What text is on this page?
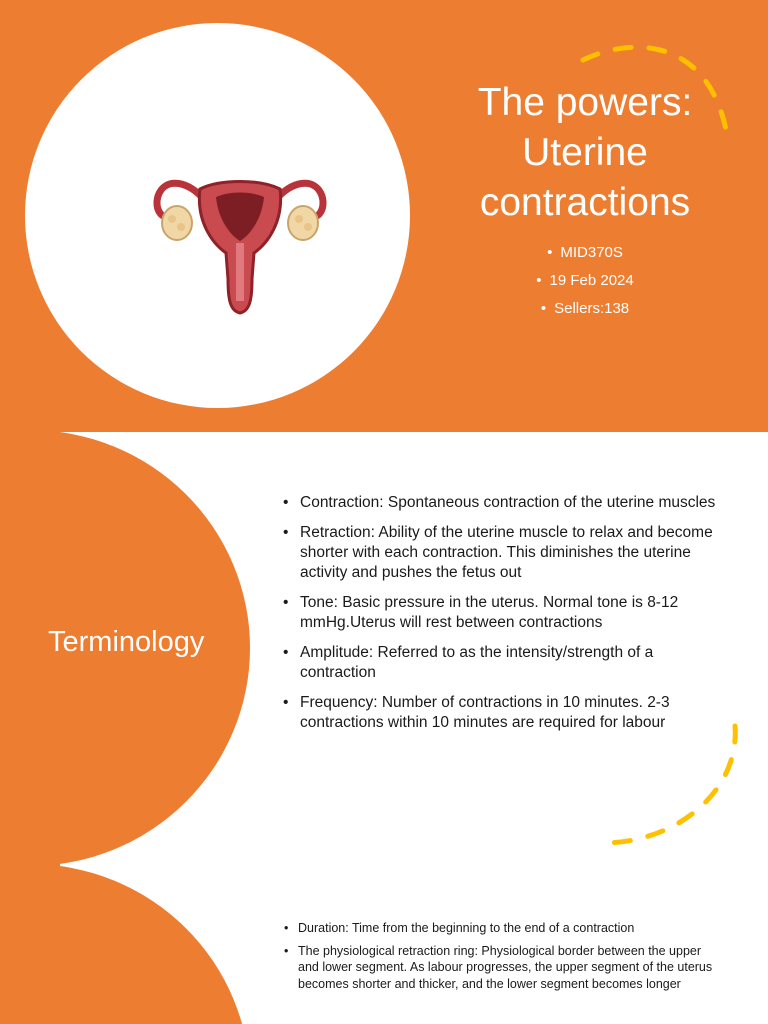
The powers:
Uterine
contractions
• MID370S
• 19 Feb 2024
• Sellers:138
Terminology
• Contraction: Spontaneous contraction of the uterine muscles
• Retraction: Ability of the uterine muscle to relax and become shorter with each contraction. This diminishes the uterine activity and pushes the fetus out
• Tone: Basic pressure in the uterus. Normal tone is 8-12 mmHg.Uterus will rest between contractions
• Amplitude: Referred to as the intensity/strength of a contraction
• Frequency: Number of contractions in 10 minutes. 2-3 contractions within 10 minutes are required for labour
• Duration: Time from the beginning to the end of a contraction
• The physiological retraction ring: Physiological border between the upper and lower segment. As labour progresses, the upper segment of the uterus becomes shorter and thicker, and the lower segment becomes longer
